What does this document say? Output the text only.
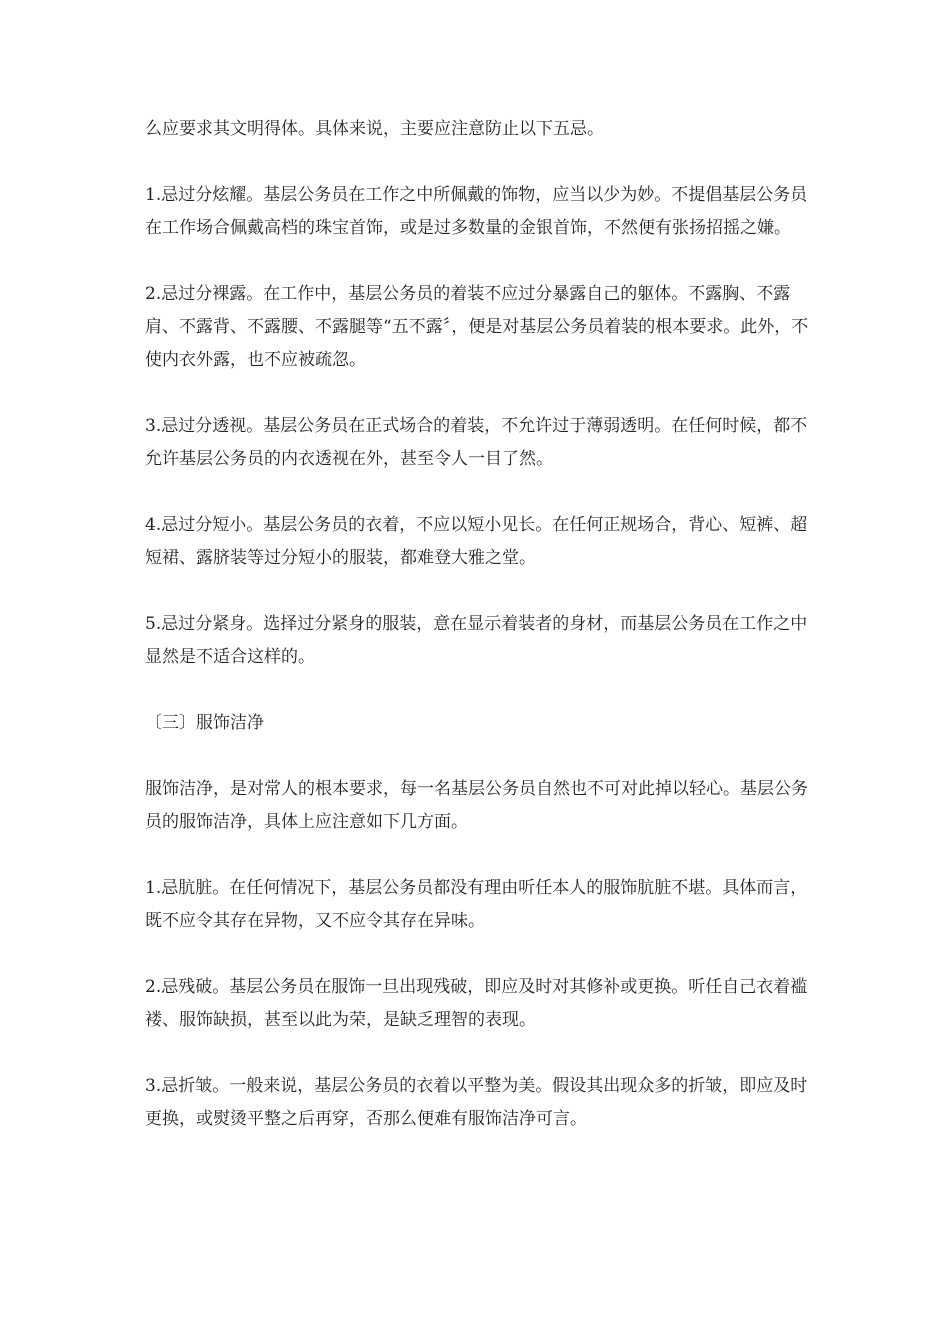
么应要求其文明得体。具体来说，主要应注意防止以下五忌。

1.忌过分炫耀。基层公务员在工作之中所佩戴的饰物，应当以少为妙。不提倡基层公务员在工作场合佩戴高档的珠宝首饰，或是过多数量的金银首饰，不然便有张扬招摇之嫌。

2.忌过分裸露。在工作中，基层公务员的着装不应过分暴露自己的躯体。不露胸、不露肩、不露背、不露腰、不露腿等“五不露〞，便是对基层公务员着装的根本要求。此外，不使内衣外露，也不应被疏忽。

3.忌过分透视。基层公务员在正式场合的着装，不允许过于薄弱透明。在任何时候，都不允许基层公务员的内衣透视在外，甚至令人一目了然。

4.忌过分短小。基层公务员的衣着，不应以短小见长。在任何正规场合，背心、短裤、超短裙、露脐装等过分短小的服装，都难登大雅之堂。

5.忌过分紧身。选择过分紧身的服装，意在显示着装者的身材，而基层公务员在工作之中显然是不适合这样的。

〔三〕服饰洁净

服饰洁净，是对常人的根本要求，每一名基层公务员自然也不可对此掉以轻心。基层公务员的服饰洁净，具体上应注意如下几方面。

1.忌肮脏。在任何情况下，基层公务员都没有理由听任本人的服饰肮脏不堪。具体而言，既不应令其存在异物，又不应令其存在异味。

2.忌残破。基层公务员在服饰一旦出现残破，即应及时对其修补或更换。听任自己衣着褴褛、服饰缺损，甚至以此为荣，是缺乏理智的表现。

3.忌折皱。一般来说，基层公务员的衣着以平整为美。假设其出现众多的折皱，即应及时更换，或熨烫平整之后再穿，否那么便难有服饰洁净可言。
